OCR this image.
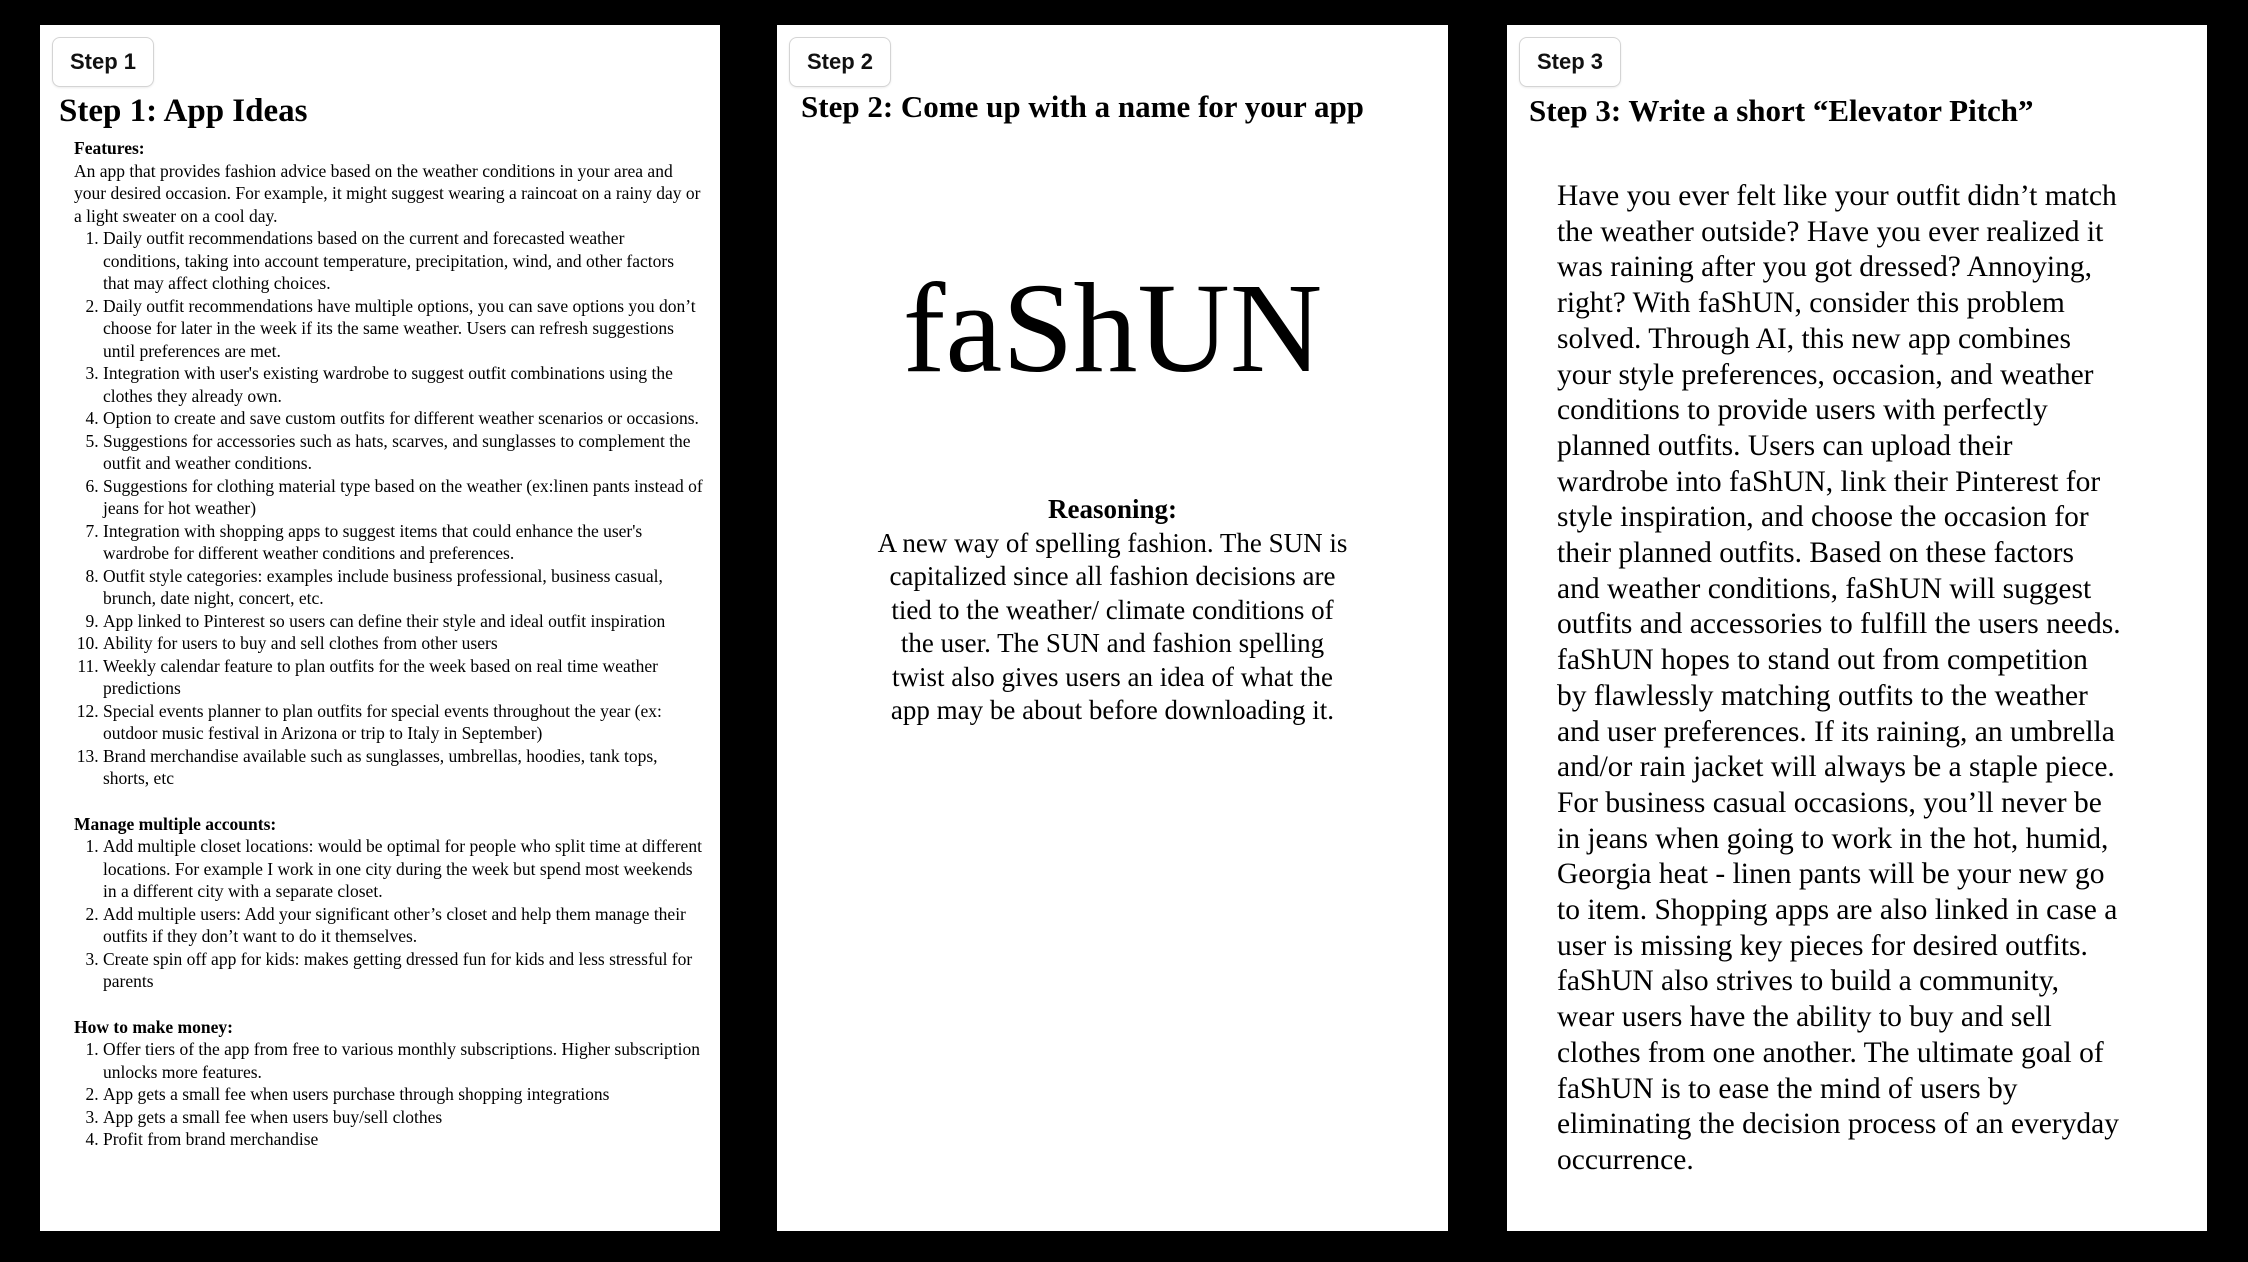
Step 1
Step 1: App Ideas
Features:
An app that provides fashion advice based on the weather conditions in your area and your desired occasion. For example, it might suggest wearing a raincoat on a rainy day or a light sweater on a cool day.
1. Daily outfit recommendations based on the current and forecasted weather conditions, taking into account temperature, precipitation, wind, and other factors that may affect clothing choices.
2. Daily outfit recommendations have multiple options, you can save options you don’t choose for later in the week if its the same weather. Users can refresh suggestions until preferences are met.
3. Integration with user's existing wardrobe to suggest outfit combinations using the clothes they already own.
4. Option to create and save custom outfits for different weather scenarios or occasions.
5. Suggestions for accessories such as hats, scarves, and sunglasses to complement the outfit and weather conditions.
6. Suggestions for clothing material type based on the weather (ex:linen pants instead of jeans for hot weather)
7. Integration with shopping apps to suggest items that could enhance the user's wardrobe for different weather conditions and preferences.
8. Outfit style categories: examples include business professional, business casual, brunch, date night, concert, etc.
9. App linked to Pinterest so users can define their style and ideal outfit inspiration
10. Ability for users to buy and sell clothes from other users
11. Weekly calendar feature to plan outfits for the week based on real time weather predictions
12. Special events planner to plan outfits for special events throughout the year (ex: outdoor music festival in Arizona or trip to Italy in September)
13. Brand merchandise available such as sunglasses, umbrellas, hoodies, tank tops, shorts, etc
Manage multiple accounts:
1. Add multiple closet locations: would be optimal for people who split time at different locations. For example I work in one city during the week but spend most weekends in a different city with a separate closet.
2. Add multiple users: Add your significant other’s closet and help them manage their outfits if they don’t want to do it themselves.
3. Create spin off app for kids: makes getting dressed fun for kids and less stressful for parents
How to make money:
1. Offer tiers of the app from free to various monthly subscriptions. Higher subscription unlocks more features.
2. App gets a small fee when users purchase through shopping integrations
3. App gets a small fee when users buy/sell clothes
4. Profit from brand merchandise
Step 2
Step 2: Come up with a name for your app
faShUN
Reasoning:
A new way of spelling fashion. The SUN is capitalized since all fashion decisions are tied to the weather/ climate conditions of the user. The SUN and fashion spelling twist also gives users an idea of what the app may be about before downloading it.
Step 3
Step 3: Write a short “Elevator Pitch”
Have you ever felt like your outfit didn’t match
the weather outside? Have you ever realized it
was raining after you got dressed? Annoying,
right? With faShUN, consider this problem
solved. Through AI, this new app combines
your style preferences, occasion, and weather
conditions to provide users with perfectly
planned outfits. Users can upload their
wardrobe into faShUN, link their Pinterest for
style inspiration, and choose the occasion for
their planned outfits. Based on these factors
and weather conditions, faShUN will suggest
outfits and accessories to fulfill the users needs.
faShUN hopes to stand out from competition
by flawlessly matching outfits to the weather
and user preferences. If its raining, an umbrella
and/or rain jacket will always be a staple piece.
For business casual occasions, you’ll never be
in jeans when going to work in the hot, humid,
Georgia heat - linen pants will be your new go
to item. Shopping apps are also linked in case a
user is missing key pieces for desired outfits.
faShUN also strives to build a community,
wear users have the ability to buy and sell
clothes from one another. The ultimate goal of
faShUN is to ease the mind of users by
eliminating the decision process of an everyday
occurrence.
